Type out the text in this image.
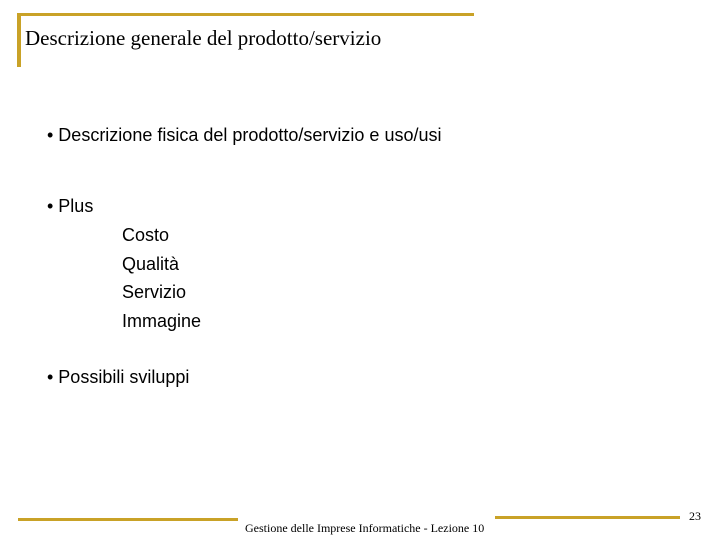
Descrizione generale del prodotto/servizio
• Descrizione fisica del prodotto/servizio e uso/usi
• Plus
Costo
Qualità
Servizio
Immagine
• Possibili sviluppi
Gestione delle Imprese Informatiche - Lezione 10
23
